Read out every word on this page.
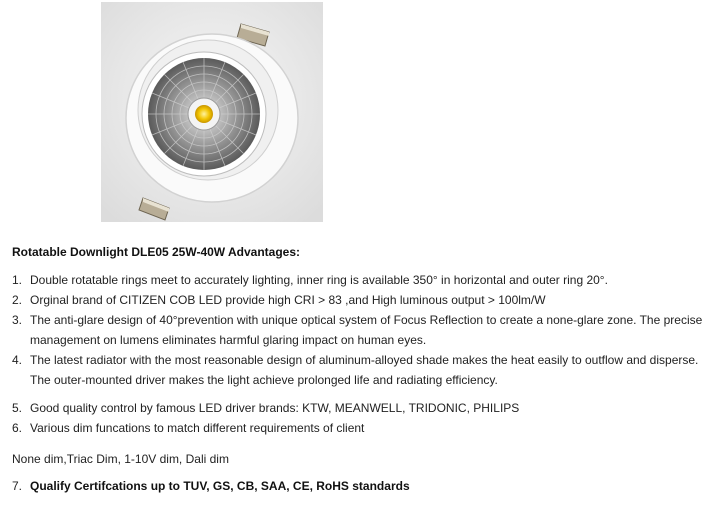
Rotatable Downlight DLE05 25W-40W Advantages:
1. Double rotatable rings meet to accurately lighting, inner ring is available 350° in horizontal and outer ring 20°.
2. Orginal brand of CITIZEN COB LED provide high CRI > 83 ,and High luminous output > 100lm/W
3. The anti-glare design of 40°prevention with unique optical system of Focus Reflection to create a none-glare zone. The precise
management on lumens eliminates harmful glaring impact on human eyes.
4. The latest radiator with the most reasonable design of aluminum-alloyed shade makes the heat easily to outflow and disperse.
The outer-mounted driver makes the light achieve prolonged life and radiating efficiency.
5. Good quality control by famous LED driver brands: KTW, MEANWELL, TRIDONIC, PHILIPS
6. Various dim funcations to match different requirements of client
None dim,Triac Dim, 1-10V dim, Dali dim
7. Qualify Certifcations up to TUV, GS, CB, SAA, CE, RoHS standards
